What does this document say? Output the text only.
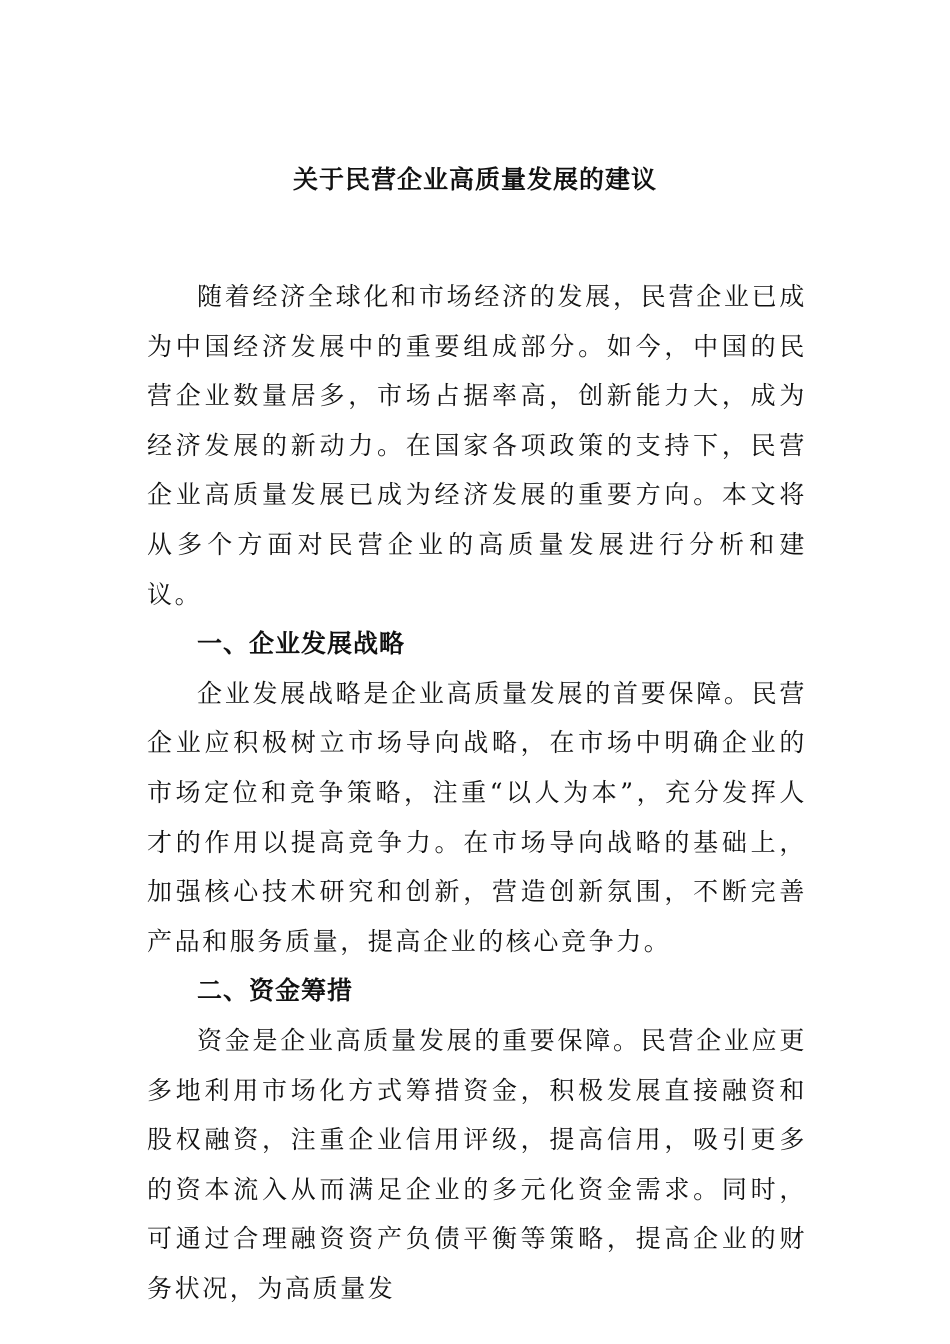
关于民营企业高质量发展的建议

随着经济全球化和市场经济的发展，民营企业已成为中国经济发展中的重要组成部分。如今，中国的民营企业数量居多，市场占据率高，创新能力大，成为经济发展的新动力。在国家各项政策的支持下，民营企业高质量发展已成为经济发展的重要方向。本文将从多个方面对民营企业的高质量发展进行分析和建议。

一、企业发展战略

企业发展战略是企业高质量发展的首要保障。民营企业应积极树立市场导向战略，在市场中明确企业的市场定位和竞争策略，注重“以人为本”，充分发挥人才的作用以提高竞争力。在市场导向战略的基础上，加强核心技术研究和创新，营造创新氛围，不断完善产品和服务质量，提高企业的核心竞争力。

二、资金筹措

资金是企业高质量发展的重要保障。民营企业应更多地利用市场化方式筹措资金，积极发展直接融资和股权融资，注重企业信用评级，提高信用，吸引更多的资本流入从而满足企业的多元化资金需求。同时，可通过合理融资资产负债平衡等策略，提高企业的财务状况，为高质量发
